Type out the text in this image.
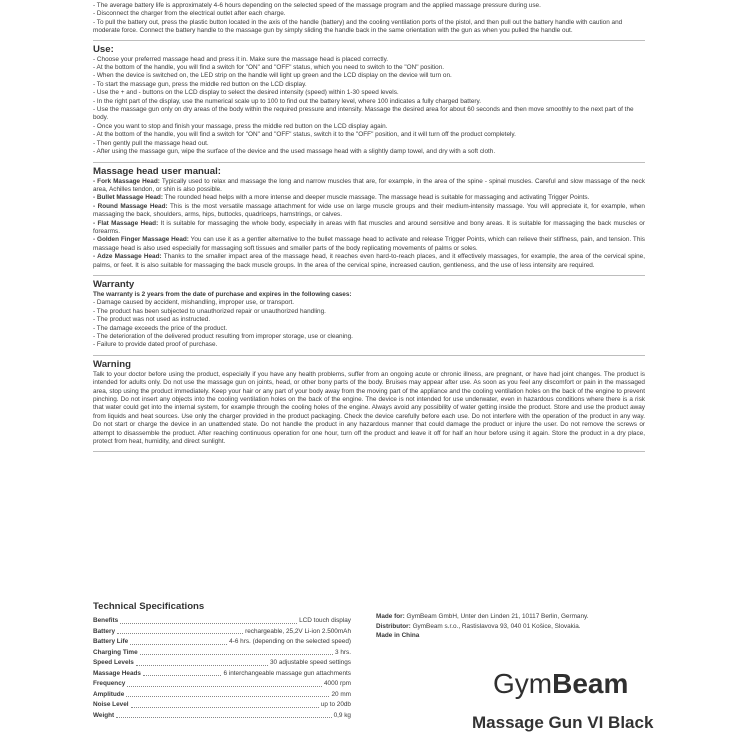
- The average battery life is approximately 4-6 hours depending on the selected speed of the massage program and the applied massage pressure during use.

- Disconnect the charger from the electrical outlet after each charge.

- To pull the battery out, press the plastic button located in the axis of the handle (battery) and the cooling ventilation ports of the pistol, and then pull out the battery handle with caution and moderate force. Connect the battery handle to the massage gun by simply sliding the handle back in the same orientation with the gun as when you pulled the handle out.

Use:

- Choose your preferred massage head and press it in. Make sure the massage head is placed correctly.

- At the bottom of the handle, you will find a switch for "ON" and "OFF" status, which you need to switch to the "ON" position.

- When the device is switched on, the LED strip on the handle will light up green and the LCD display on the device will turn on.

- To start the massage gun, press the middle red button on the LCD display.

- Use the + and - buttons on the LCD display to select the desired intensity (speed) within 1-30 speed levels.

- In the right part of the display, use the numerical scale up to 100 to find out the battery level, where 100 indicates a fully charged battery.

- Use the massage gun only on dry areas of the body within the required pressure and intensity. Massage the desired area for about 60 seconds and then move smoothly to the next part of the body.

- Once you want to stop and finish your massage, press the middle red button on the LCD display again.

- At the bottom of the handle, you will find a switch for "ON" and "OFF" status, switch it to the "OFF" position, and it will turn off the product completely.

- Then gently pull the massage head out.

- After using the massage gun, wipe the surface of the device and the used massage head with a slightly damp towel, and dry with a soft cloth.

Massage head user manual:

- Fork Massage Head: Typically used to relax and massage the long and narrow muscles that are, for example, in the area of the spine - spinal muscles. Careful and slow massage of the neck area, Achilles tendon, or shin is also possible.

- Bullet Massage Head: The rounded head helps with a more intense and deeper muscle massage. The massage head is suitable for massaging and activating Trigger Points.

- Round Massage Head: This is the most versatile massage attachment for wide use on large muscle groups and their medium-intensity massage. You will appreciate it, for example, when massaging the back, shoulders, arms, hips, buttocks, quadriceps, hamstrings, or calves.

- Flat Massage Head: It is suitable for massaging the whole body, especially in areas with flat muscles and around sensitive and bony areas. It is suitable for massaging the back muscles or forearms.

- Golden Finger Massage Head: You can use it as a gentler alternative to the bullet massage head to activate and release Trigger Points, which can relieve their stiffness, pain, and tension. This massage head is also used especially for massaging soft tissues and smaller parts of the body replicating movements of palms or soles.

- Adze Massage Head: Thanks to the smaller impact area of the massage head, it reaches even hard-to-reach places, and it effectively massages, for example, the area of the cervical spine, palms, or feet. It is also suitable for massaging the back muscle groups. In the area of the cervical spine, increased caution, gentleness, and the use of less intensity are required.

Warranty

The warranty is 2 years from the date of purchase and expires in the following cases:

- Damage caused by accident, mishandling, improper use, or transport.

- The product has been subjected to unauthorized repair or unauthorized handling.

- The product was not used as instructed.

- The damage exceeds the price of the product.

- The deterioration of the delivered product resulting from improper storage, use or cleaning.

- Failure to provide dated proof of purchase.

Warning

Talk to your doctor before using the product, especially if you have any health problems, suffer from an ongoing acute or chronic illness, are pregnant, or have had joint changes. The product is intended for adults only. Do not use the massage gun on joints, head, or other bony parts of the body. Bruises may appear after use. As soon as you feel any discomfort or pain in the massaged area, stop using the product immediately. Keep your hair or any part of your body away from the moving part of the appliance and the cooling ventilation holes on the back of the engine to prevent pinching. Do not insert any objects into the cooling ventilation holes on the back of the engine. The device is not intended for use underwater, even in hazardous conditions where there is a risk that water could get into the internal system, for example through the cooling holes of the engine. Always avoid any possibility of water getting inside the product. Store and use the product away from liquids and heat sources. Use only the charger provided in the product packaging. Check the device carefully before each use. Do not interfere with the operation of the product in any way. Do not start or charge the device in an unattended state. Do not handle the product in any hazardous manner that could damage the product or injure the user. Do not remove the screws or attempt to disassemble the product. After reaching continuous operation for one hour, turn off the product and leave it off for half an hour before using it again. Store the product in a dry place, protect from heat, humidity, and direct sunlight.

Technical Specifications
Benefits	LCD touch display
Battery	rechargeable, 25,2V Li-ion 2.500mAh
Battery Life	4-6 hrs. (depending on the selected speed)
Charging Time	3 hrs.
Speed Levels	30 adjustable speed settings
Massage Heads	6 interchangeable massage gun attachments
Frequency	4000 rpm
Amplitude	20 mm
Noise Level	up to 20db
Weight	0,9 kg
Made for: GymBeam GmbH, Unter den Linden 21, 10117 Berlin, Germany.
Distributor: GymBeam s.r.o., Rastislavova 93, 040 01 Košice, Slovakia.
Made in China
GymBeam
Massage Gun VI Black
